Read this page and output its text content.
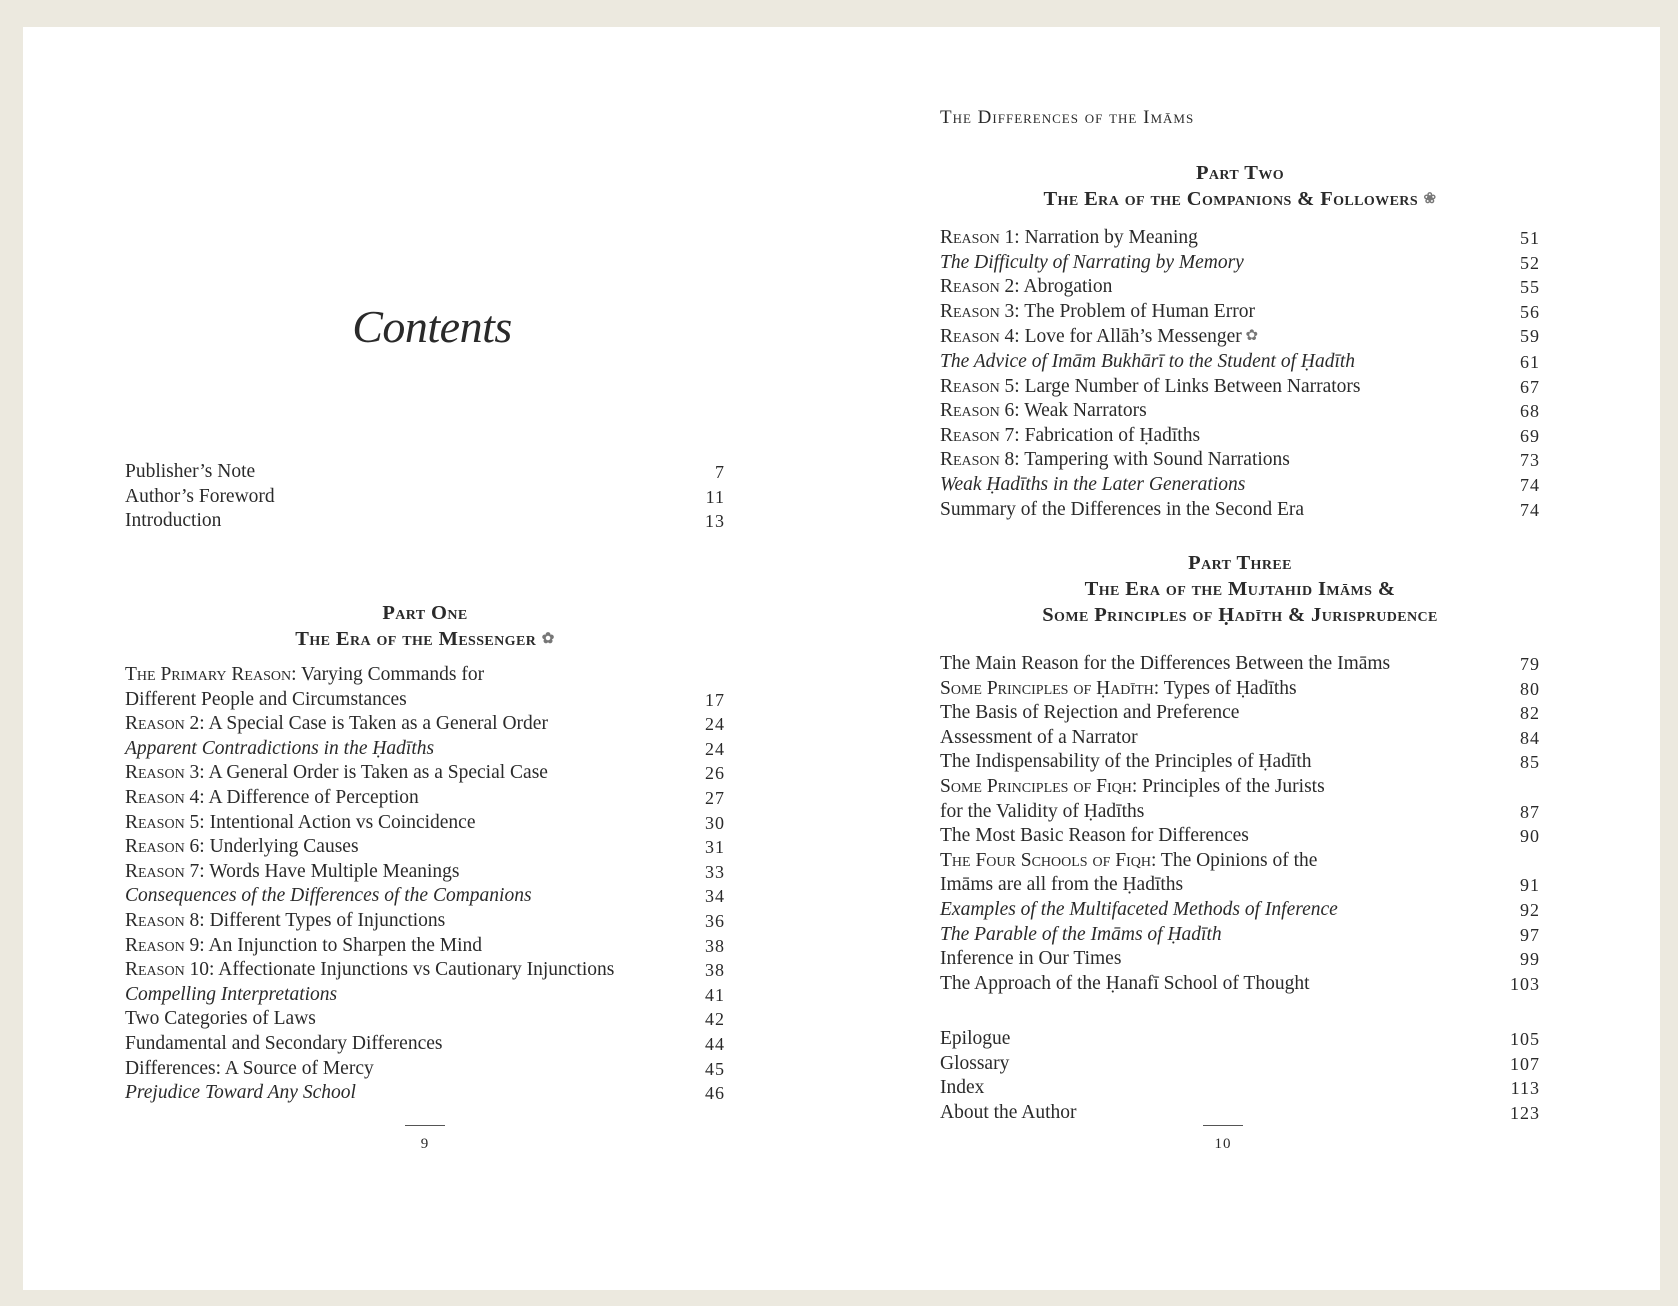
Contents
Publisher’s Note	7
Author’s Foreword	11
Introduction	13
Part One
The Era of the Messenger ✿
The Primary Reason: Varying Commands for
Different People and Circumstances	17
Reason 2: A Special Case is Taken as a General Order	24
Apparent Contradictions in the Ḥadīths	24
Reason 3: A General Order is Taken as a Special Case	26
Reason 4: A Difference of Perception	27
Reason 5: Intentional Action vs Coincidence	30
Reason 6: Underlying Causes	31
Reason 7: Words Have Multiple Meanings	33
Consequences of the Differences of the Companions	34
Reason 8: Different Types of Injunctions	36
Reason 9: An Injunction to Sharpen the Mind	38
Reason 10: Affectionate Injunctions vs Cautionary Injunctions	38
Compelling Interpretations	41
Two Categories of Laws	42
Fundamental and Secondary Differences	44
Differences: A Source of Mercy	45
Prejudice Toward Any School	46
9
The Differences of the Imāms
Part Two
The Era of the Companions & Followers ❀
Reason 1: Narration by Meaning	51
The Difficulty of Narrating by Memory	52
Reason 2: Abrogation	55
Reason 3: The Problem of Human Error	56
Reason 4: Love for Allāh’s Messenger ✿	59
The Advice of Imām Bukhārī to the Student of Ḥadīth	61
Reason 5: Large Number of Links Between Narrators	67
Reason 6: Weak Narrators	68
Reason 7: Fabrication of Ḥadīths	69
Reason 8: Tampering with Sound Narrations	73
Weak Ḥadīths in the Later Generations	74
Summary of the Differences in the Second Era	74
Part Three
The Era of the Mujtahid Imāms &
Some Principles of Ḥadīth & Jurisprudence
The Main Reason for the Differences Between the Imāms	79
Some Principles of Ḥadīth: Types of Ḥadīths	80
The Basis of Rejection and Preference	82
Assessment of a Narrator	84
The Indispensability of the Principles of Ḥadīth	85
Some Principles of Fiqh: Principles of the Jurists
for the Validity of Ḥadīths	87
The Most Basic Reason for Differences	90
The Four Schools of Fiqh: The Opinions of the
Imāms are all from the Ḥadīths	91
Examples of the Multifaceted Methods of Inference	92
The Parable of the Imāms of Ḥadīth	97
Inference in Our Times	99
The Approach of the Ḥanafī School of Thought	103
Epilogue	105
Glossary	107
Index	113
About the Author	123
10
